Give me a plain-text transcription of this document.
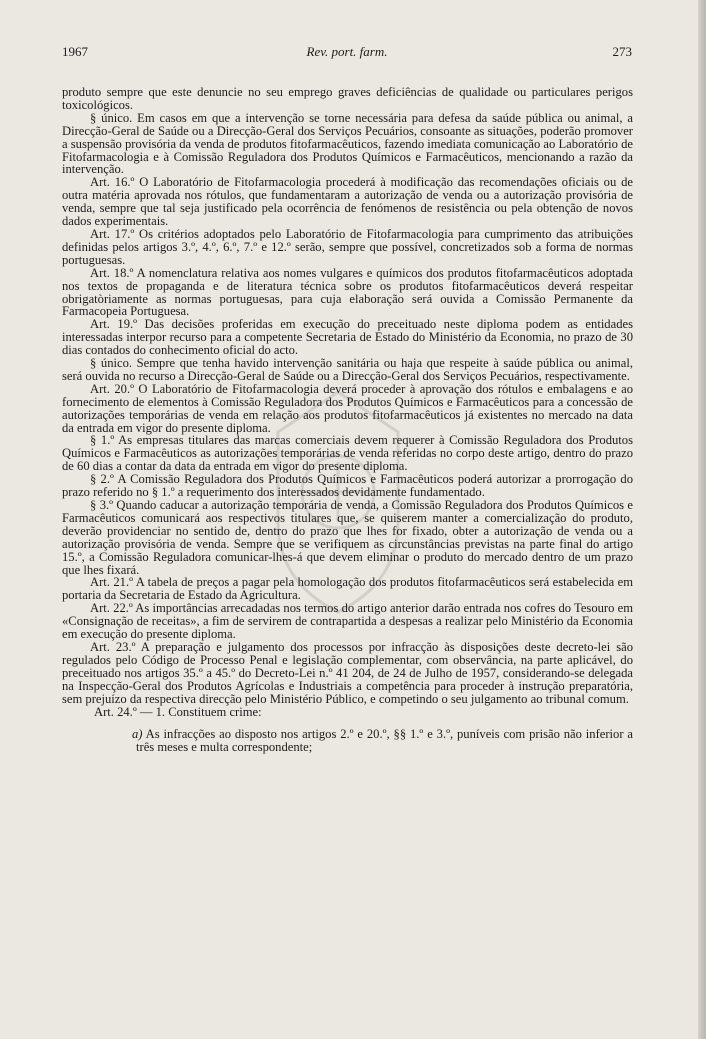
1967	Rev. port. farm.	273

produto sempre que este denuncie no seu emprego graves deficiências de qualidade ou particulares perigos toxicológicos.

§ único. Em casos em que a intervenção se torne necessária para defesa da saúde pública ou animal, a Direcção-Geral de Saúde ou a Direcção-Geral dos Serviços Pecuários, consoante as situações, poderão promover a suspensão provisória da venda de produtos fitofarmacêuticos, fazendo imediata comunicação ao Laboratório de Fitofarmacologia e à Comissão Reguladora dos Produtos Químicos e Farmacêuticos, mencionando a razão da intervenção.

Art. 16.º O Laboratório de Fitofarmacologia procederá à modificação das recomendações oficiais ou de outra matéria aprovada nos rótulos, que fundamentaram a autorização de venda ou a autorização provisória de venda, sempre que tal seja justificado pela ocorrência de fenómenos de resistência ou pela obtenção de novos dados experimentais.

Art. 17.º Os critérios adoptados pelo Laboratório de Fitofarmacologia para cumprimento das atribuições definidas pelos artigos 3.º, 4.º, 6.º, 7.º e 12.º serão, sempre que possível, concretizados sob a forma de normas portuguesas.

Art. 18.º A nomenclatura relativa aos nomes vulgares e químicos dos produtos fitofarmacêuticos adoptada nos textos de propaganda e de literatura técnica sobre os produtos fitofarmacêuticos deverá respeitar obrigatòriamente as normas portuguesas, para cuja elaboração será ouvida a Comissão Permanente da Farmacopeia Portuguesa.

Art. 19.º Das decisões proferidas em execução do preceituado neste diploma podem as entidades interessadas interpor recurso para a competente Secretaria de Estado do Ministério da Economia, no prazo de 30 dias contados do conhecimento oficial do acto.

§ único. Sempre que tenha havido intervenção sanitária ou haja que respeite à saúde pública ou animal, será ouvida no recurso a Direcção-Geral de Saúde ou a Direcção-Geral dos Serviços Pecuários, respectivamente.

Art. 20.º O Laboratório de Fitofarmacologia deverá proceder à aprovação dos rótulos e embalagens e ao fornecimento de elementos à Comissão Reguladora dos Produtos Químicos e Farmacêuticos para a concessão de autorizações temporárias de venda em relação aos produtos fitofarmacêuticos já existentes no mercado na data da entrada em vigor do presente diploma.

§ 1.º As empresas titulares das marcas comerciais devem requerer à Comissão Reguladora dos Produtos Químicos e Farmacêuticos as autorizações temporárias de venda referidas no corpo deste artigo, dentro do prazo de 60 dias a contar da data da entrada em vigor do presente diploma.

§ 2.º A Comissão Reguladora dos Produtos Químicos e Farmacêuticos poderá autorizar a prorrogação do prazo referido no § 1.º a requerimento dos interessados devidamente fundamentado.

§ 3.º Quando caducar a autorização temporária de venda, a Comissão Reguladora dos Produtos Químicos e Farmacêuticos comunicará aos respectivos titulares que, se quiserem manter a comercialização do produto, deverão providenciar no sentido de, dentro do prazo que lhes for fixado, obter a autorização de venda ou a autorização provisória de venda. Sempre que se verifiquem as circunstâncias previstas na parte final do artigo 15.º, a Comissão Reguladora comunicar-lhes-á que devem eliminar o produto do mercado dentro de um prazo que lhes fixará.

Art. 21.º A tabela de preços a pagar pela homologação dos produtos fitofarmacêuticos será estabelecida em portaria da Secretaria de Estado da Agricultura.

Art. 22.º As importâncias arrecadadas nos termos do artigo anterior darão entrada nos cofres do Tesouro em «Consignação de receitas», a fim de servirem de contrapartida a despesas a realizar pelo Ministério da Economia em execução do presente diploma.

Art. 23.º A preparação e julgamento dos processos por infracção às disposições deste decreto-lei são regulados pelo Código de Processo Penal e legislação complementar, com observância, na parte aplicável, do preceituado nos artigos 35.º a 45.º do Decreto-Lei n.º 41 204, de 24 de Julho de 1957, considerando-se delegada na Inspecção-Geral dos Produtos Agrícolas e Industriais a competência para proceder à instrução preparatória, sem prejuízo da respectiva direcção pelo Ministério Público, e competindo o seu julgamento ao tribunal comum.

Art. 24.º — 1. Constituem crime:

a) As infracções ao disposto nos artigos 2.º e 20.º, §§ 1.º e 3.º, puníveis com prisão não inferior a três meses e multa correspondente;
